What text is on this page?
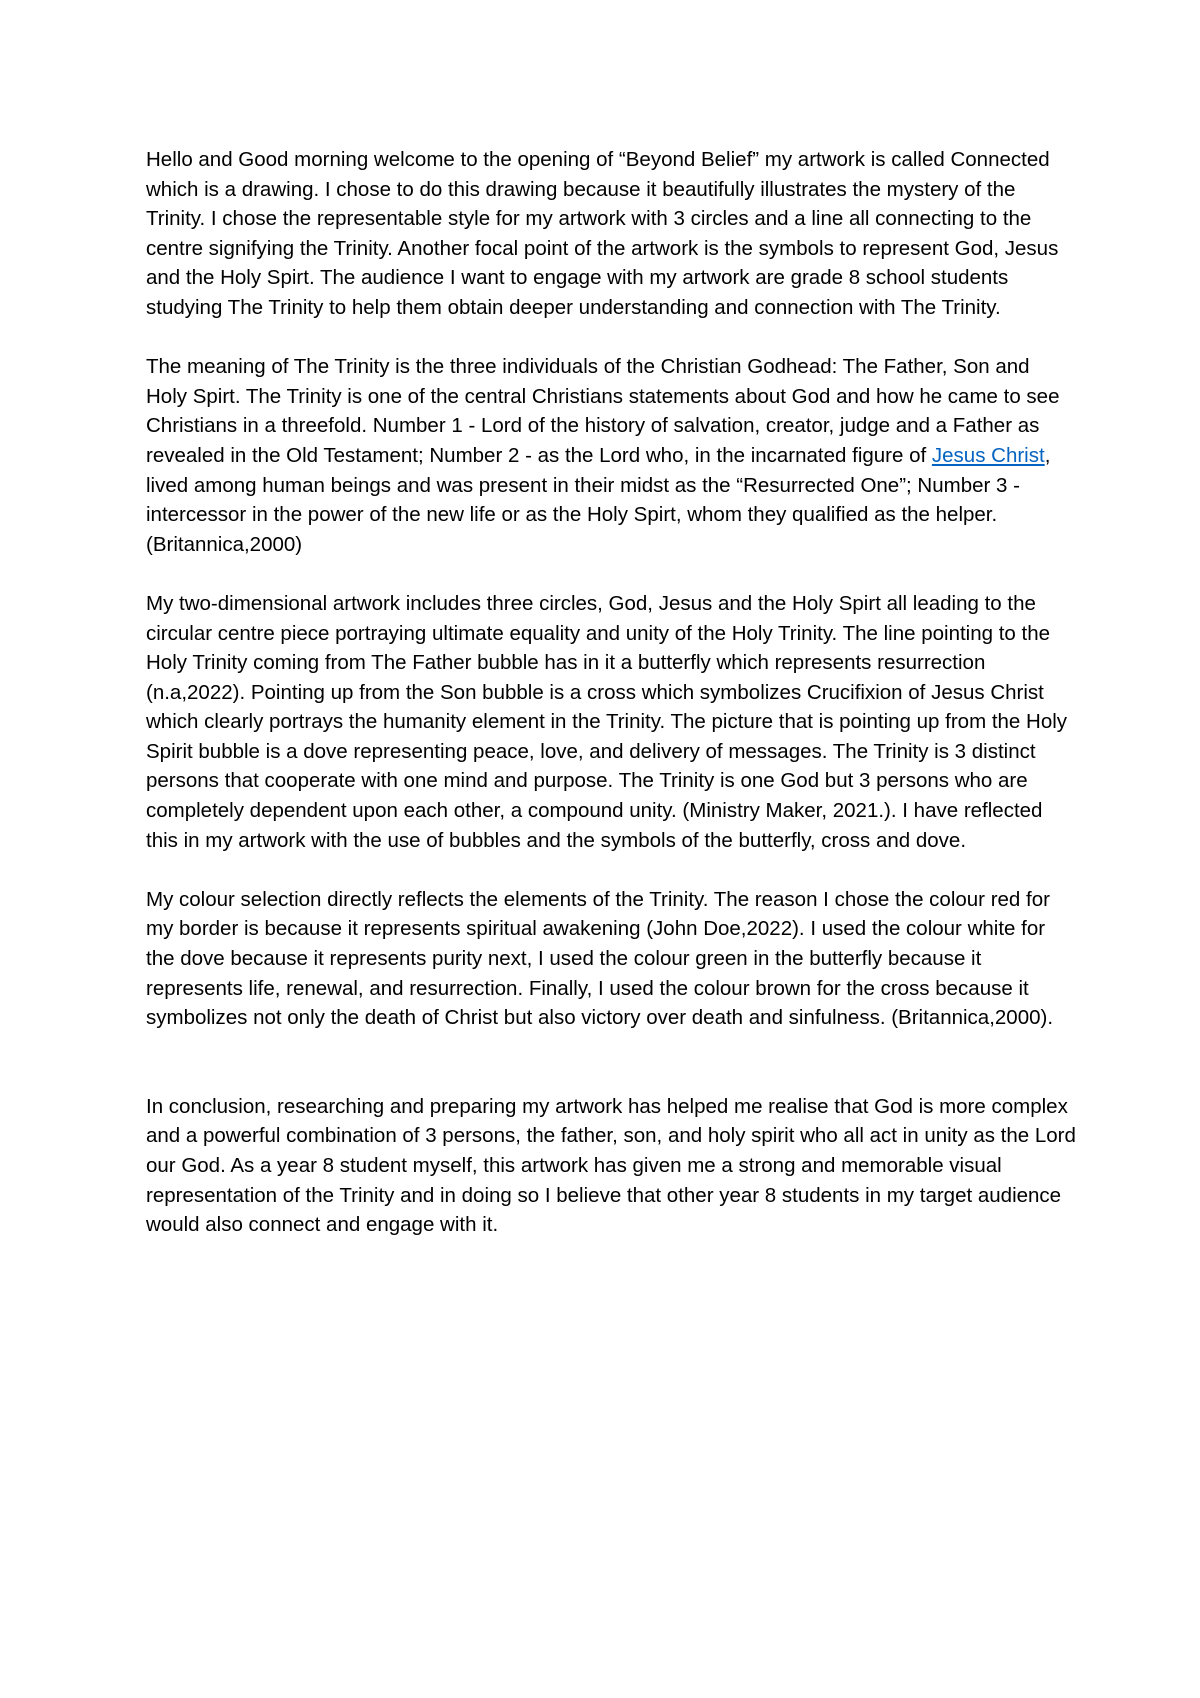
Hello and Good morning welcome to the opening of “Beyond Belief” my artwork is called Connected which is a drawing. I chose to do this drawing because it beautifully illustrates the mystery of the Trinity. I chose the representable style for my artwork with 3 circles and a line all connecting to the centre signifying the Trinity. Another focal point of the artwork is the symbols to represent God, Jesus and the Holy Spirt. The audience I want to engage with my artwork are grade 8 school students studying The Trinity to help them obtain deeper understanding and connection with The Trinity.

The meaning of The Trinity is the three individuals of the Christian Godhead: The Father, Son and Holy Spirt. The Trinity is one of the central Christians statements about God and how he came to see Christians in a threefold. Number 1 - Lord of the history of salvation, creator, judge and a Father as revealed in the Old Testament; Number 2 - as the Lord who, in the incarnated figure of Jesus Christ, lived among human beings and was present in their midst as the “Resurrected One”; Number 3 - intercessor in the power of the new life or as the Holy Spirt, whom they qualified as the helper. (Britannica,2000)

My two-dimensional artwork includes three circles, God, Jesus and the Holy Spirt all leading to the circular centre piece portraying ultimate equality and unity of the Holy Trinity. The line pointing to the Holy Trinity coming from The Father bubble has in it a butterfly which represents resurrection (n.a,2022). Pointing up from the Son bubble is a cross which symbolizes Crucifixion of Jesus Christ which clearly portrays the humanity element in the Trinity. The picture that is pointing up from the Holy Spirit bubble is a dove representing peace, love, and delivery of messages. The Trinity is 3 distinct persons that cooperate with one mind and purpose. The Trinity is one God but 3 persons who are completely dependent upon each other, a compound unity. (Ministry Maker, 2021.). I have reflected this in my artwork with the use of bubbles and the symbols of the butterfly, cross and dove.

My colour selection directly reflects the elements of the Trinity. The reason I chose the colour red for my border is because it represents spiritual awakening (John Doe,2022). I used the colour white for the dove because it represents purity next, I used the colour green in the butterfly because it represents life, renewal, and resurrection. Finally, I used the colour brown for the cross because it symbolizes not only the death of Christ but also victory over death and sinfulness. (Britannica,2000).

In conclusion, researching and preparing my artwork has helped me realise that God is more complex and a powerful combination of 3 persons, the father, son, and holy spirit who all act in unity as the Lord our God. As a year 8 student myself, this artwork has given me a strong and memorable visual representation of the Trinity and in doing so I believe that other year 8 students in my target audience would also connect and engage with it.
